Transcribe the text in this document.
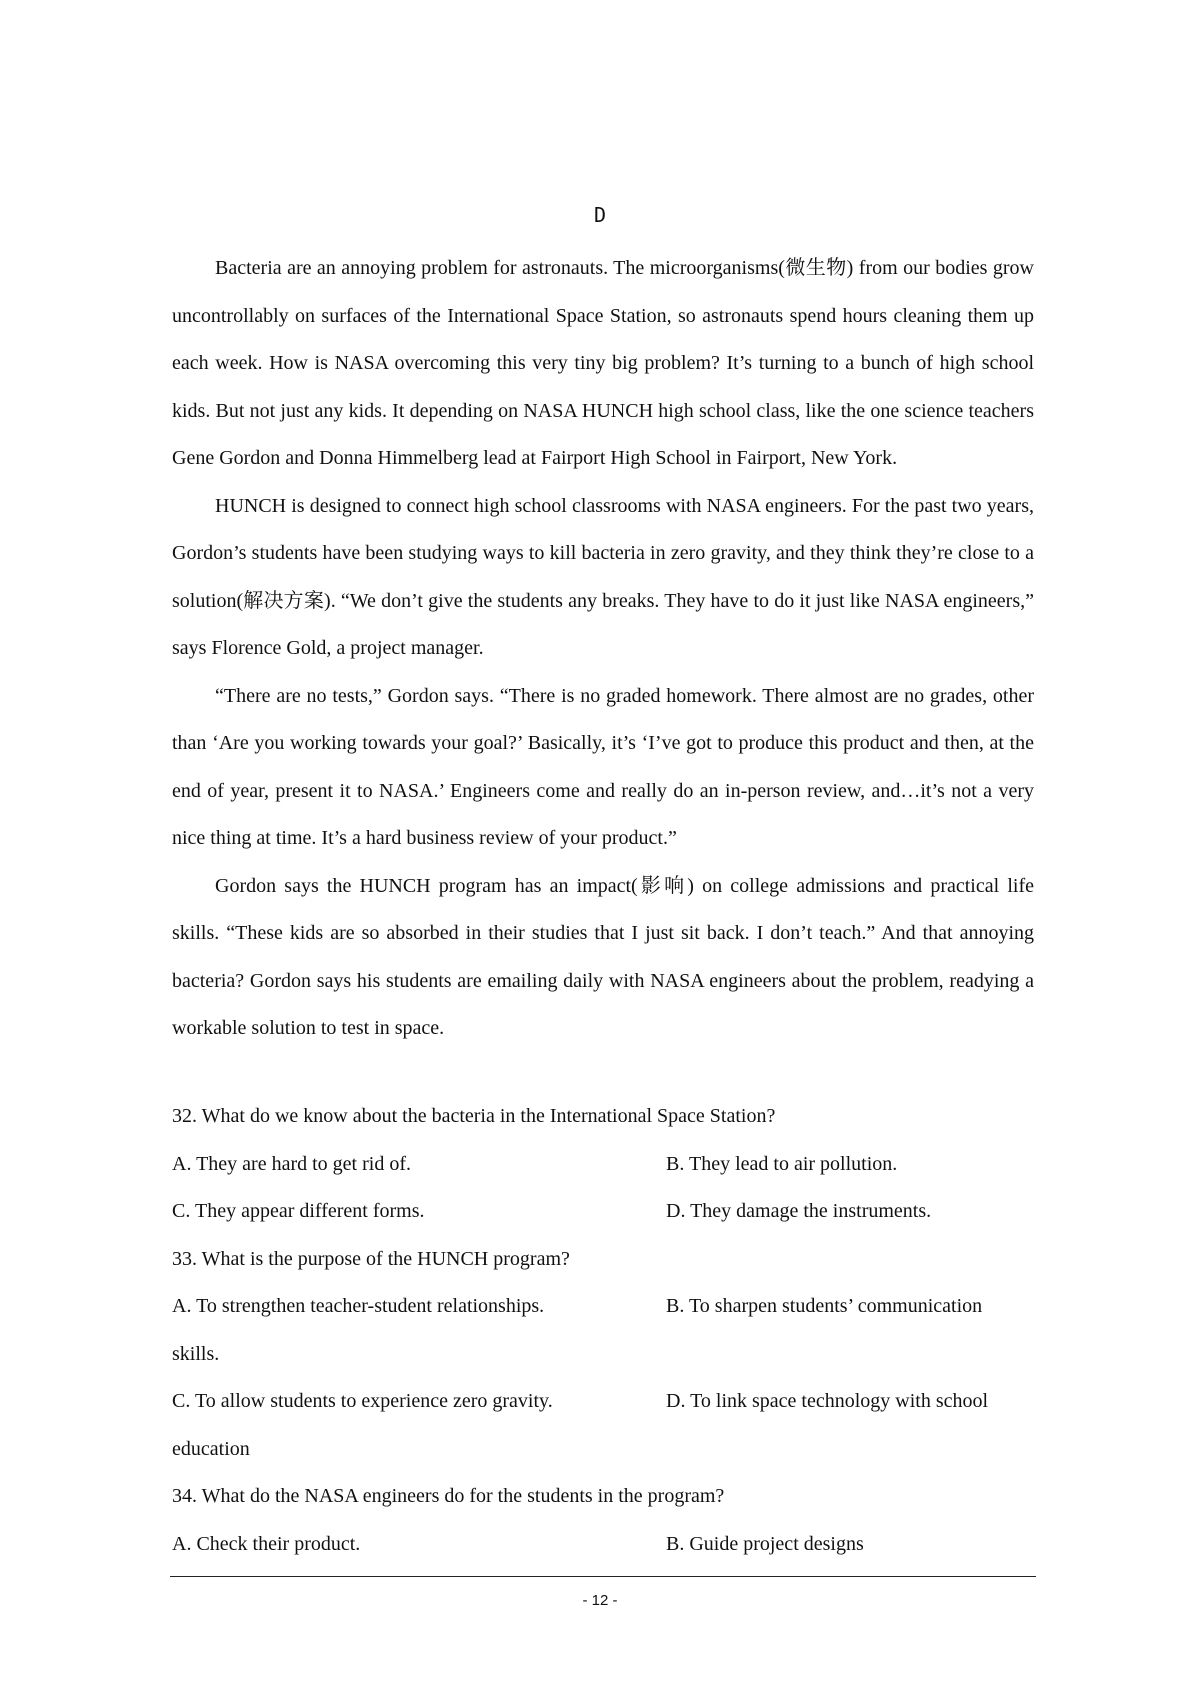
D

Bacteria are an annoying problem for astronauts. The microorganisms(微生物) from our bodies grow uncontrollably on surfaces of the International Space Station, so astronauts spend hours cleaning them up each week. How is NASA overcoming this very tiny big problem? It’s turning to a bunch of high school kids. But not just any kids. It depending on NASA HUNCH high school class, like the one science teachers Gene Gordon and Donna Himmelberg lead at Fairport High School in Fairport, New York.

HUNCH is designed to connect high school classrooms with NASA engineers. For the past two years, Gordon’s students have been studying ways to kill bacteria in zero gravity, and they think they’re close to a solution(解决方案). “We don’t give the students any breaks. They have to do it just like NASA engineers,” says Florence Gold, a project manager.

“There are no tests,” Gordon says. “There is no graded homework. There almost are no grades, other than ‘Are you working towards your goal?’ Basically, it’s ‘I’ve got to produce this product and then, at the end of year, present it to NASA.’ Engineers come and really do an in-person review, and…it’s not a very nice thing at time. It’s a hard business review of your product.”

Gordon says the HUNCH program has an impact(影响) on college admissions and practical life skills. “These kids are so absorbed in their studies that I just sit back. I don’t teach.” And that annoying bacteria? Gordon says his students are emailing daily with NASA engineers about the problem, readying a workable solution to test in space.

32. What do we know about the bacteria in the International Space Station?

A. They are hard to get rid of.	B. They lead to air pollution.
C. They appear different forms.	D. They damage the instruments.

33. What is the purpose of the HUNCH program?

A. To strengthen teacher-student relationships.	B. To sharpen students’ communication
skills.
C. To allow students to experience zero gravity.	D. To link space technology with school
education

34. What do the NASA engineers do for the students in the program?

A. Check their product.	B. Guide project designs
- 12 -
